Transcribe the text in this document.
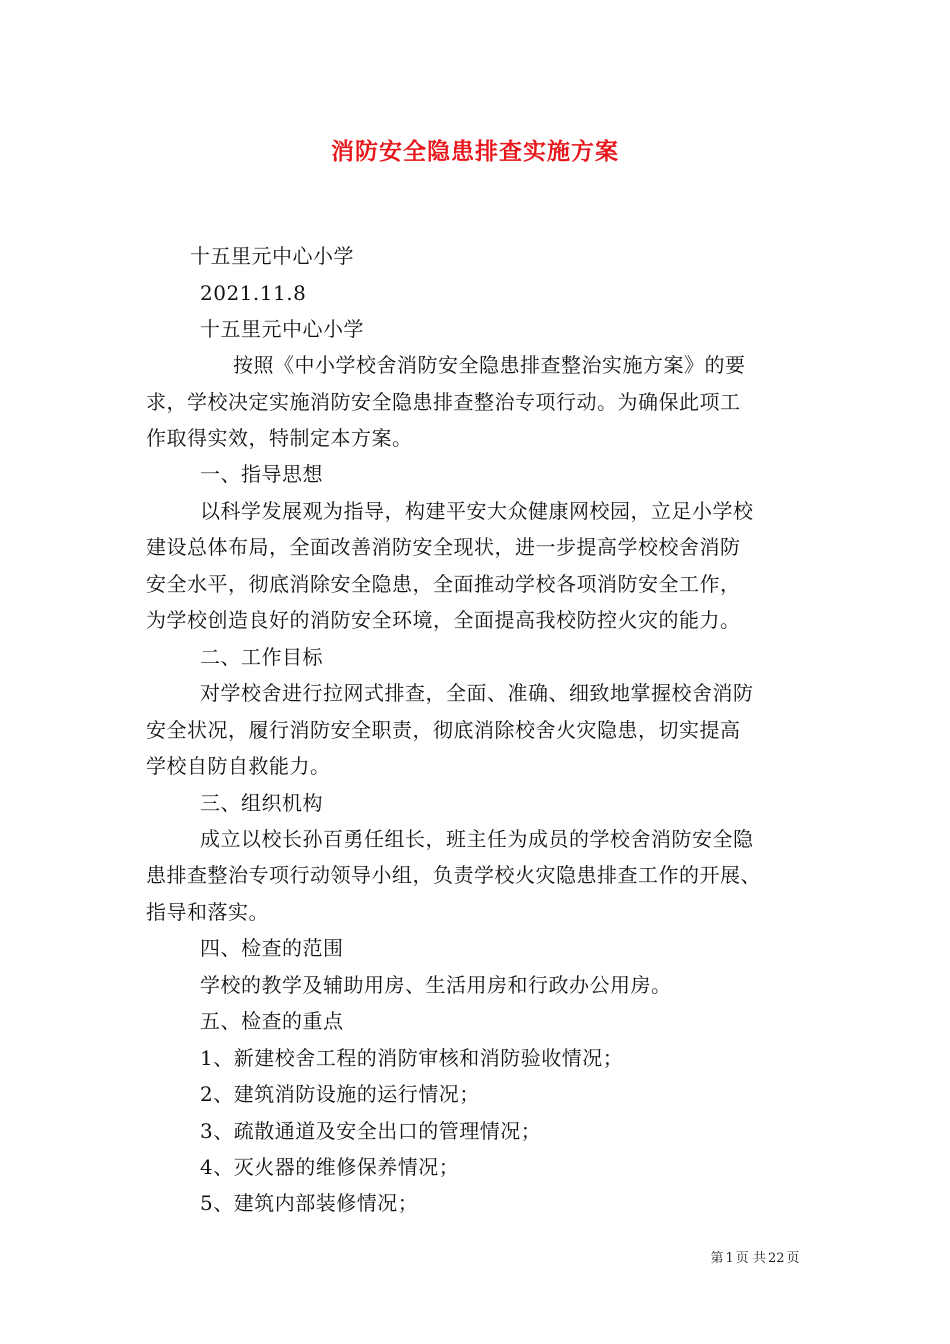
消防安全隐患排查实施方案
十五里元中心小学
2021.11.8
十五里元中心小学
按照《中小学校舍消防安全隐患排查整治实施方案》的要
求，学校决定实施消防安全隐患排查整治专项行动。为确保此项工
作取得实效，特制定本方案。
一、指导思想
以科学发展观为指导，构建平安大众健康网校园，立足小学校
建设总体布局，全面改善消防安全现状，进一步提高学校校舍消防
安全水平，彻底消除安全隐患，全面推动学校各项消防安全工作，
为学校创造良好的消防安全环境，全面提高我校防控火灾的能力。
二、工作目标
对学校舍进行拉网式排查，全面、准确、细致地掌握校舍消防
安全状况，履行消防安全职责，彻底消除校舍火灾隐患，切实提高
学校自防自救能力。
三、组织机构
成立以校长孙百勇任组长，班主任为成员的学校舍消防安全隐
患排查整治专项行动领导小组，负责学校火灾隐患排查工作的开展、
指导和落实。
四、检查的范围
学校的教学及辅助用房、生活用房和行政办公用房。
五、检查的重点
1、新建校舍工程的消防审核和消防验收情况；
2、建筑消防设施的运行情况；
3、疏散通道及安全出口的管理情况；
4、灭火器的维修保养情况；
5、建筑内部装修情况；
第 1 页 共 22 页
